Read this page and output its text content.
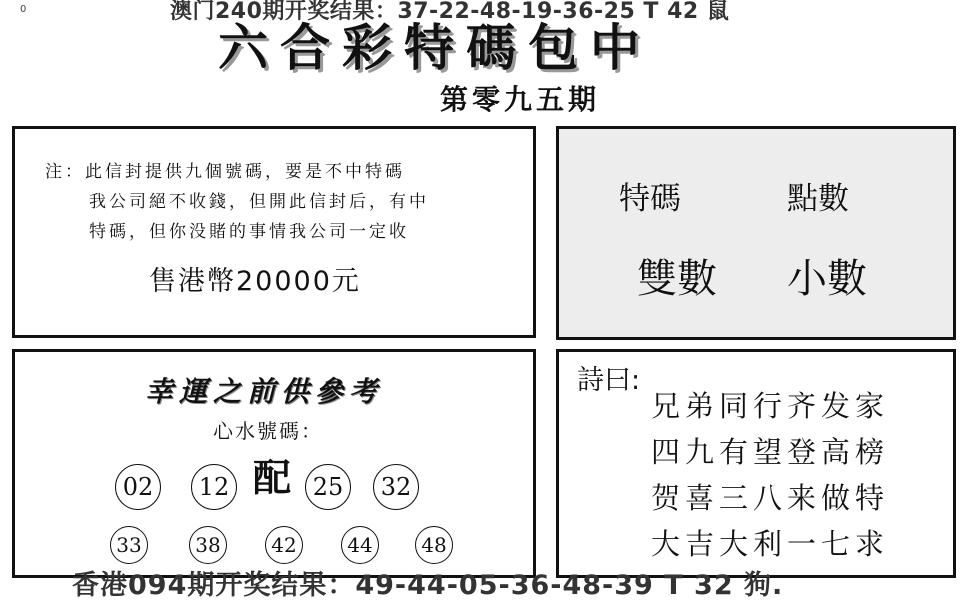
0
六合彩特碼包中
澳门240期开奖结果：37-22-48-19-36-25 T 42 鼠
第零九五期
注：此信封提供九個號碼，要是不中特碼
我公司絕不收錢，但開此信封后，有中
特碼，但你没賭的事情我公司一定收
售港幣20000元
特碼	點數
雙數 小數
幸運之前供參考
心水號碼：
配
02	12	25	32
33	38	42	44	48
詩曰:
兄弟同行齐发家
四九有望登高榜
贺喜三八来做特
大吉大利一七求
香港094期开奖结果：49-44-05-36-48-39 T 32 狗.
